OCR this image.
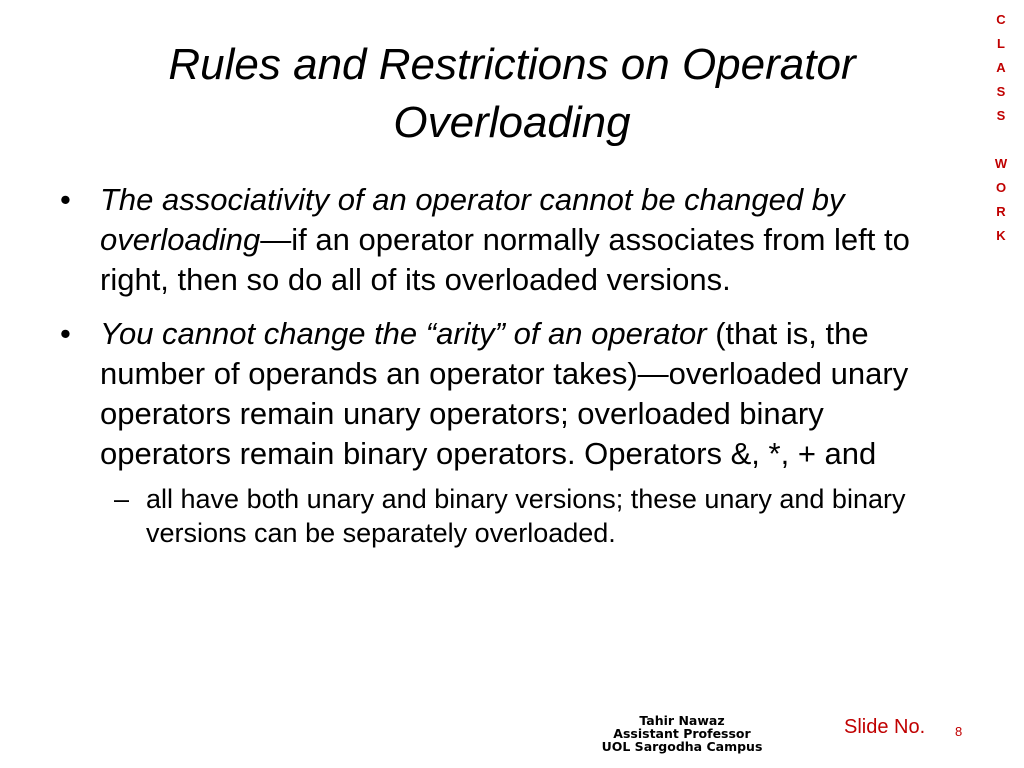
Rules and Restrictions on Operator
Overloading
C
L
A
S
S
W
O
R
K
• The associativity of an operator cannot be changed by overloading—if an operator normally associates from left to right, then so do all of its overloaded versions.
• You cannot change the “arity” of an operator (that is, the number of operands an operator takes)—overloaded unary operators remain unary operators; overloaded binary operators remain binary operators. Operators &, *, + and
– all have both unary and binary versions; these unary and binary versions can be separately overloaded.
Tahir Nawaz
Assistant Professor
UOL Sargodha Campus
Slide No. 8
